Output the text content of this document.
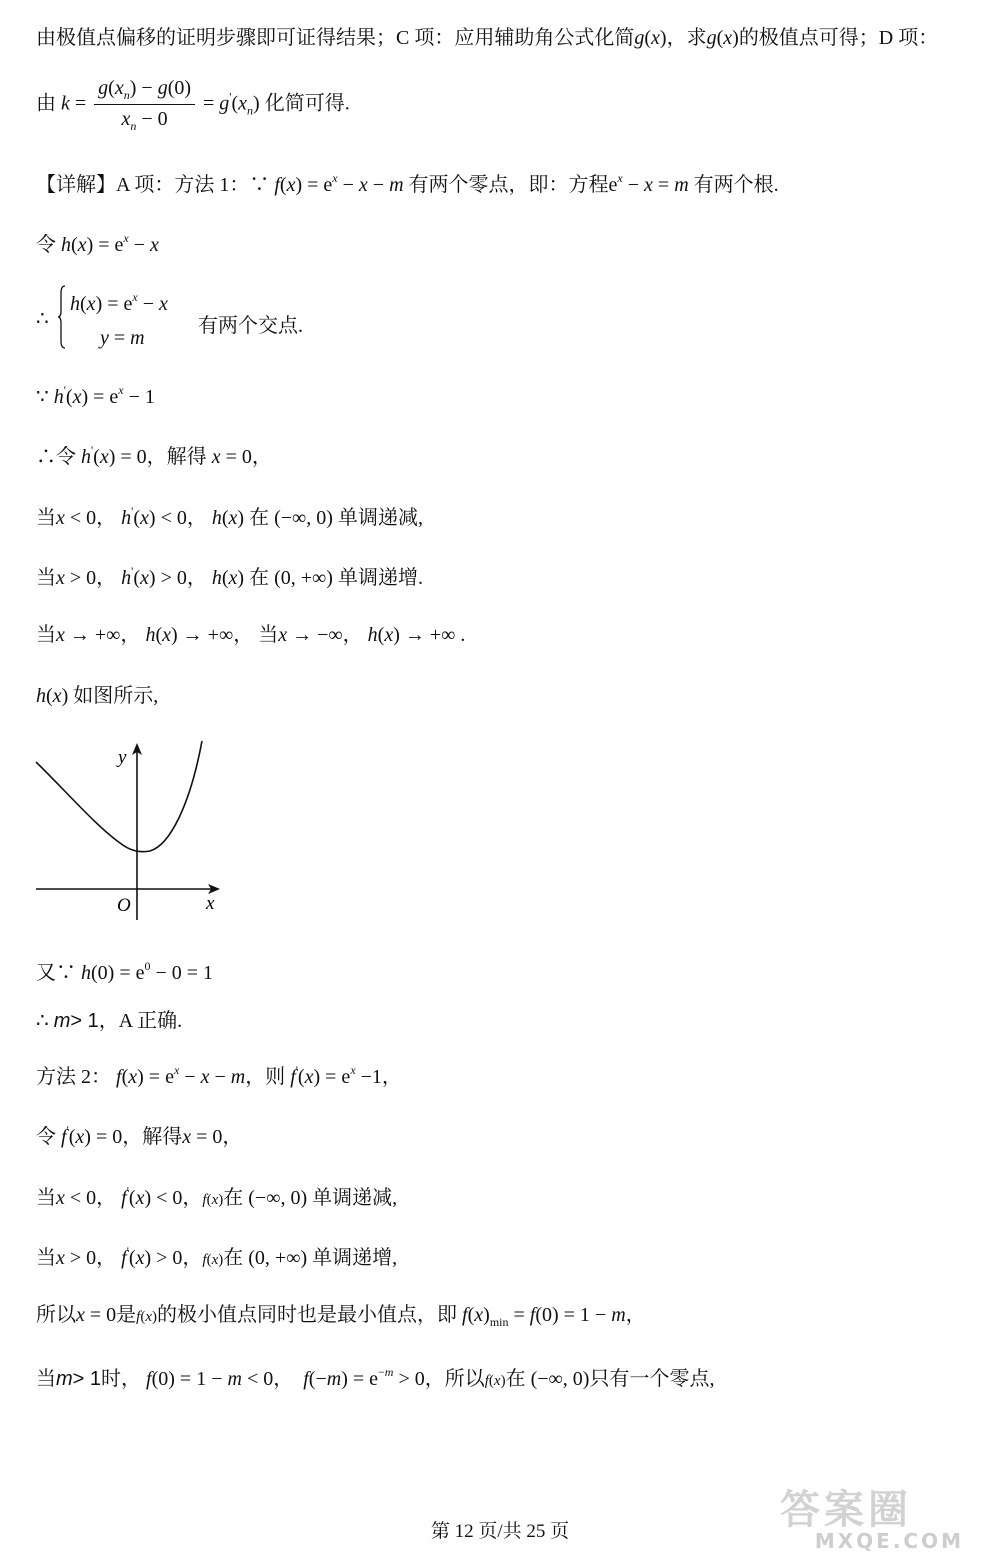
由极值点偏移的证明步骤即可证得结果；C 项：应用辅助角公式化简g(x)，求g(x)的极值点可得；D 项：
由 $k = \frac{g(x_n) - g(0)}{x_n - 0} = g'(x_n)$ 化简可得.
【详解】A 项：方法 1：∵ $f(x) = e^x - x - m$ 有两个零点，即：方程$e^x - x = m$ 有两个根.
令 $h(x) = e^x - x$
∴
$h(x) = e^x - x$
y = m
有两个交点.
∵ $h'(x) = e^x - 1$
∴令 h'(x) = 0，解得 x = 0，
当x < 0， h'(x) < 0， h(x) 在 (−∞, 0) 单调递减,
当x > 0， h'(x) > 0， h(x) 在 (0, +∞) 单调递增.
当x → +∞， h(x) → +∞， 当x → −∞， h(x) → +∞ .
h(x) 如图所示,
y
x
O
又∵ $h(0) = e^0 - 0 = 1$
∴ m> 1，A 正确.
方法 2： $f(x) = e^x - x - m$，则 $f'(x) = e^x -1$，
令 f'(x) = 0，解得x = 0，
当x < 0， f'(x) < 0，f(x)在 (−∞, 0) 单调递减,
当x > 0， f'(x) > 0，f(x)在 (0, +∞) 单调递增,
所以x = 0是f(x)的极小值点同时也是最小值点，即 $f(x)_{min} = f(0) = 1 - m$，
当m> 1时， f(0) = 1 − m < 0，  $f(-m) = e^{-m} > 0$，所以f(x)在 (−∞, 0)只有一个零点,
第 12 页/共 25 页	答案圈
MXQE.COM
